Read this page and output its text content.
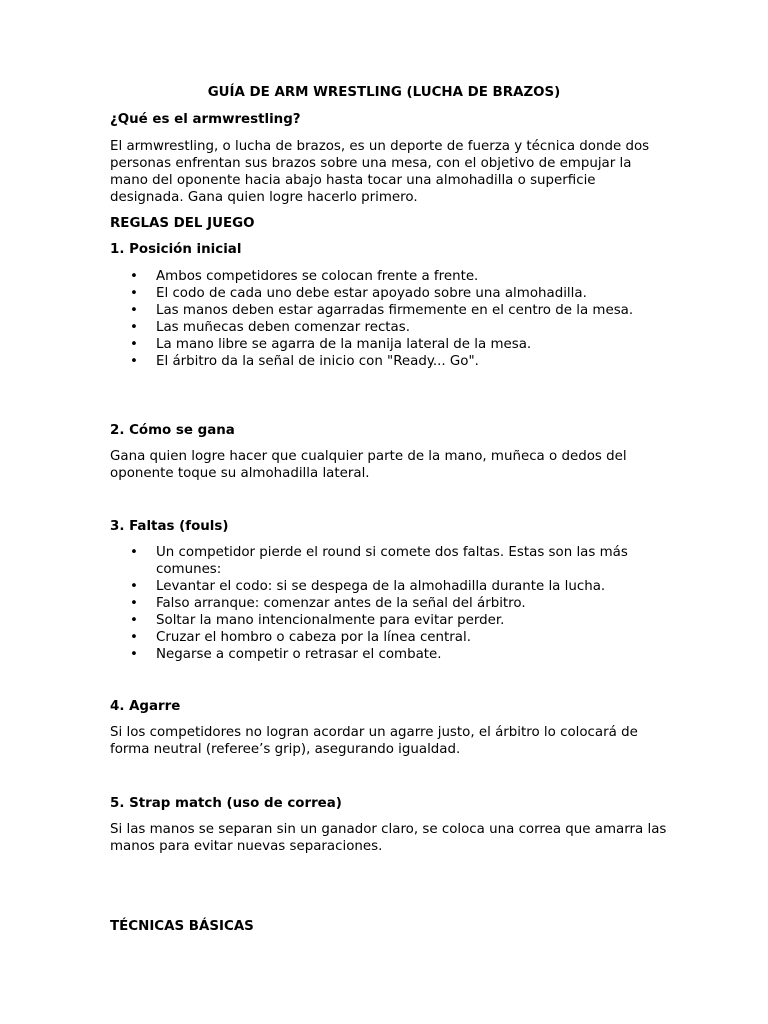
GUÍA DE ARM WRESTLING (LUCHA DE BRAZOS)
¿Qué es el armwrestling?
El armwrestling, o lucha de brazos, es un deporte de fuerza y técnica donde dos personas enfrentan sus brazos sobre una mesa, con el objetivo de empujar la mano del oponente hacia abajo hasta tocar una almohadilla o superficie designada. Gana quien logre hacerlo primero.
REGLAS DEL JUEGO
1. Posición inicial
• Ambos competidores se colocan frente a frente.
• El codo de cada uno debe estar apoyado sobre una almohadilla.
• Las manos deben estar agarradas firmemente en el centro de la mesa.
• Las muñecas deben comenzar rectas.
• La mano libre se agarra de la manija lateral de la mesa.
• El árbitro da la señal de inicio con "Ready... Go".
2. Cómo se gana
Gana quien logre hacer que cualquier parte de la mano, muñeca o dedos del oponente toque su almohadilla lateral.
3. Faltas (fouls)
• Un competidor pierde el round si comete dos faltas. Estas son las más comunes:
• Levantar el codo: si se despega de la almohadilla durante la lucha.
• Falso arranque: comenzar antes de la señal del árbitro.
• Soltar la mano intencionalmente para evitar perder.
• Cruzar el hombro o cabeza por la línea central.
• Negarse a competir o retrasar el combate.
4. Agarre
Si los competidores no logran acordar un agarre justo, el árbitro lo colocará de forma neutral (referee’s grip), asegurando igualdad.
5. Strap match (uso de correa)
Si las manos se separan sin un ganador claro, se coloca una correa que amarra las manos para evitar nuevas separaciones.
TÉCNICAS BÁSICAS
